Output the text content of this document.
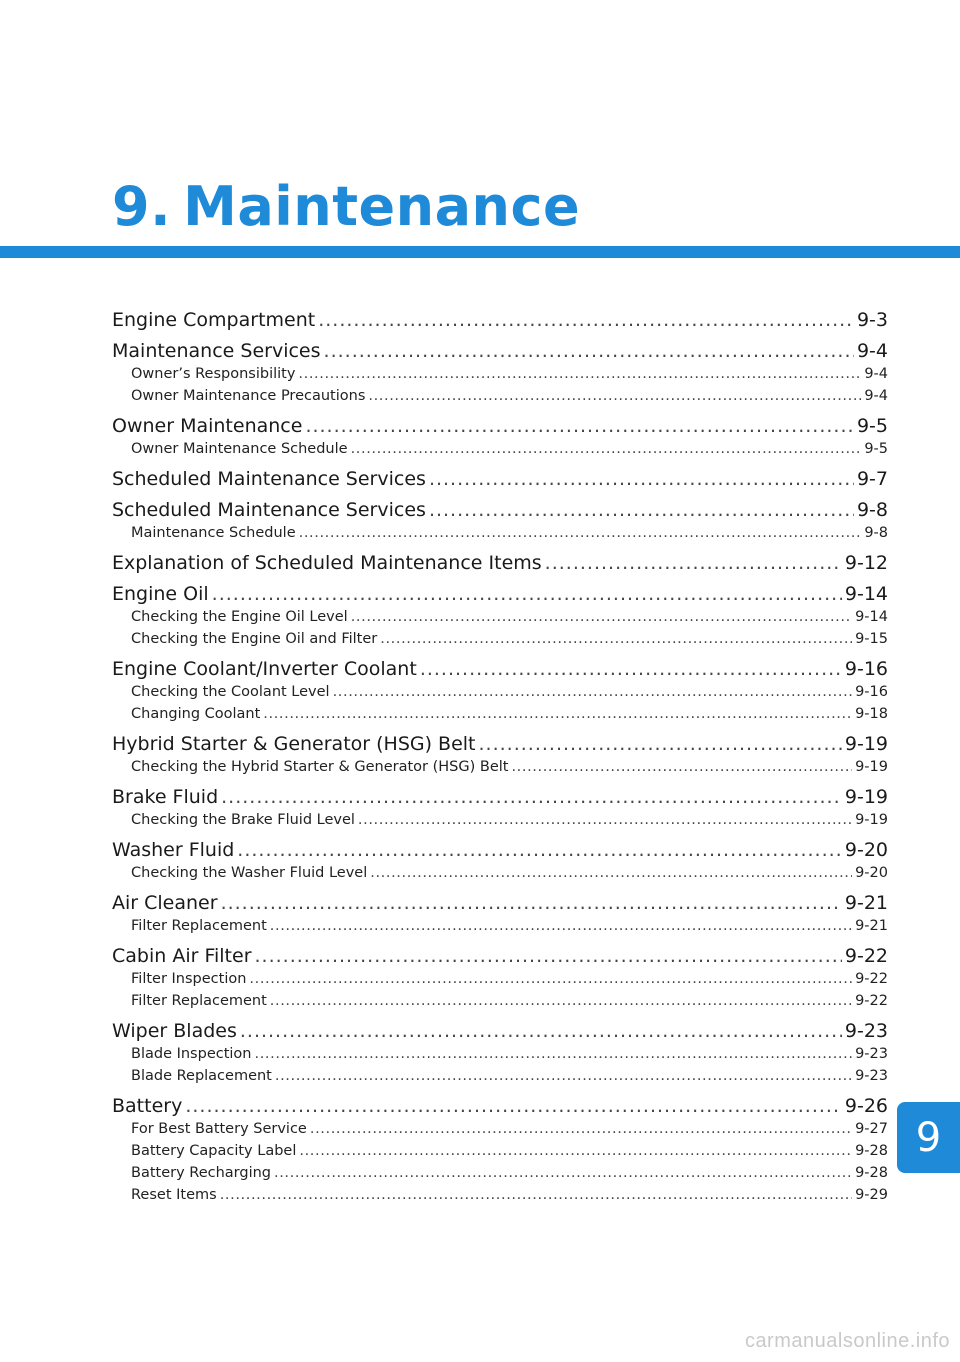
9. Maintenance
Engine Compartment .....	9-3
Maintenance Services .....	9-4
Owner’s Responsibility .....	9-4
Owner Maintenance Precautions .....	9-4
Owner Maintenance .....	9-5
Owner Maintenance Schedule .....	9-5
Scheduled Maintenance Services .....	9-7
Scheduled Maintenance Services .....	9-8
Maintenance Schedule .....	9-8
Explanation of Scheduled Maintenance Items .....	9-12
Engine Oil .....	9-14
Checking the Engine Oil Level .....	9-14
Checking the Engine Oil and Filter .....	9-15
Engine Coolant/Inverter Coolant .....	9-16
Checking the Coolant Level .....	9-16
Changing Coolant .....	9-18
Hybrid Starter & Generator (HSG) Belt .....	9-19
Checking the Hybrid Starter & Generator (HSG) Belt .....	9-19
Brake Fluid .....	9-19
Checking the Brake Fluid Level .....	9-19
Washer Fluid .....	9-20
Checking the Washer Fluid Level .....	9-20
Air Cleaner .....	9-21
Filter Replacement .....	9-21
Cabin Air Filter .....	9-22
Filter Inspection .....	9-22
Filter Replacement .....	9-22
Wiper Blades .....	9-23
Blade Inspection .....	9-23
Blade Replacement .....	9-23
Battery .....	9-26
For Best Battery Service .....	9-27
Battery Capacity Label .....	9-28
Battery Recharging .....	9-28
Reset Items .....	9-29
9
carmanualsonline.info
